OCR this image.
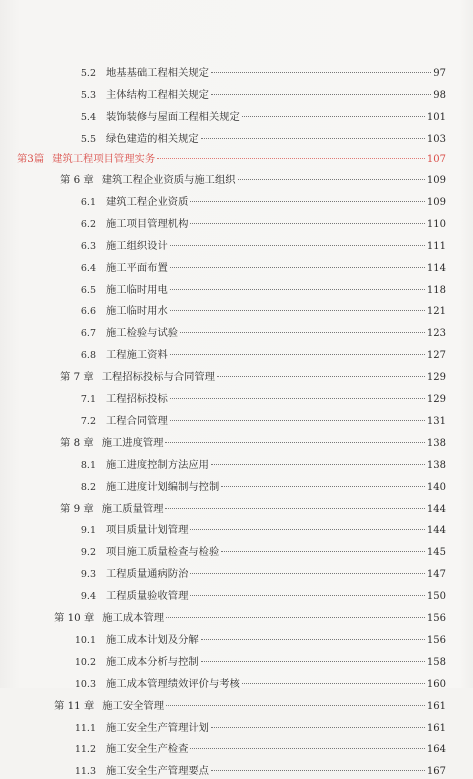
5.2 地基基础工程相关规定	97
5.3 主体结构工程相关规定	98
5.4 装饰装修与屋面工程相关规定	101
5.5 绿色建造的相关规定	103
第3篇 建筑工程项目管理实务	107
第 6 章 建筑工程企业资质与施工组织	109
6.1 建筑工程企业资质	109
6.2 施工项目管理机构	110
6.3 施工组织设计	111
6.4 施工平面布置	114
6.5 施工临时用电	118
6.6 施工临时用水	121
6.7 施工检验与试验	123
6.8 工程施工资料	127
第 7 章 工程招标投标与合同管理	129
7.1 工程招标投标	129
7.2 工程合同管理	131
第 8 章 施工进度管理	138
8.1 施工进度控制方法应用	138
8.2 施工进度计划编制与控制	140
第 9 章 施工质量管理	144
9.1 项目质量计划管理	144
9.2 项目施工质量检查与检验	145
9.3 工程质量通病防治	147
9.4 工程质量验收管理	150
第 10 章 施工成本管理	156
10.1 施工成本计划及分解	156
10.2 施工成本分析与控制	158
10.3 施工成本管理绩效评价与考核	160
第 11 章 施工安全管理	161
11.1 施工安全生产管理计划	161
11.2 施工安全生产检查	164
11.3 施工安全生产管理要点	167
